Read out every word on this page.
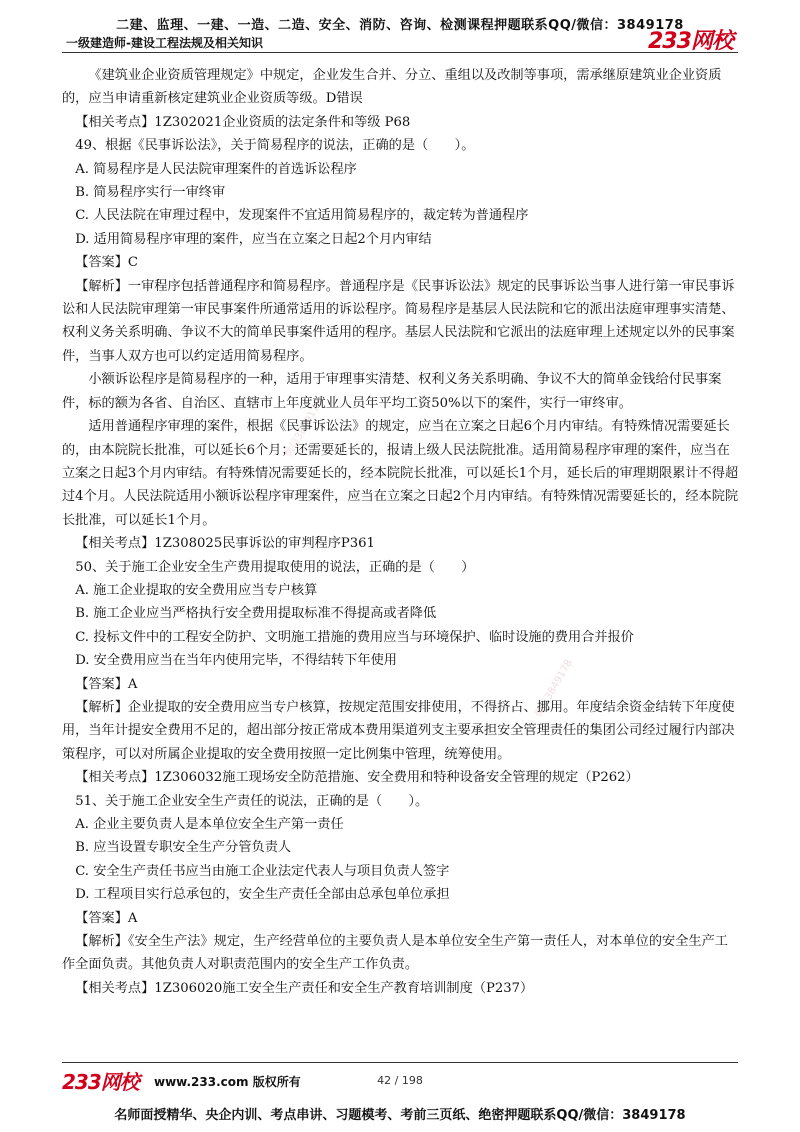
二建、监理、一建、一造、二造、安全、消防、咨询、检测课程押题联系QQ/微信：3849178
一级建造师-建设工程法规及相关知识	233网校
微信3849178
微信3849178

《建筑业企业资质管理规定》中规定，企业发生合并、分立、重组以及改制等事项，需承继原建筑业企业资质的，应当申请重新核定建筑业企业资质等级。D错误

【相关考点】1Z302021企业资质的法定条件和等级 P68

49、根据《民事诉讼法》，关于简易程序的说法，正确的是（　　）。

A. 简易程序是人民法院审理案件的首选诉讼程序

B. 简易程序实行一审终审

C. 人民法院在审理过程中，发现案件不宜适用简易程序的，裁定转为普通程序

D. 适用简易程序审理的案件，应当在立案之日起2个月内审结

【答案】C

【解析】一审程序包括普通程序和简易程序。普通程序是《民事诉讼法》规定的民事诉讼当事人进行第一审民事诉讼和人民法院审理第一审民事案件所通常适用的诉讼程序。简易程序是基层人民法院和它的派出法庭审理事实清楚、权利义务关系明确、争议不大的简单民事案件适用的程序。基层人民法院和它派出的法庭审理上述规定以外的民事案件，当事人双方也可以约定适用简易程序。

小额诉讼程序是简易程序的一种，适用于审理事实清楚、权利义务关系明确、争议不大的简单金钱给付民事案件，标的额为各省、自治区、直辖市上年度就业人员年平均工资50%以下的案件，实行一审终审。

适用普通程序审理的案件，根据《民事诉讼法》的规定，应当在立案之日起6个月内审结。有特殊情况需要延长的，由本院院长批准，可以延长6个月；还需要延长的，报请上级人民法院批准。适用简易程序审理的案件，应当在立案之日起3个月内审结。有特殊情况需要延长的，经本院院长批准，可以延长1个月，延长后的审理期限累计不得超过4个月。人民法院适用小额诉讼程序审理案件，应当在立案之日起2个月内审结。有特殊情况需要延长的，经本院院长批准，可以延长1个月。

【相关考点】1Z308025民事诉讼的审判程序P361

50、关于施工企业安全生产费用提取使用的说法，正确的是（　　）

A. 施工企业提取的安全费用应当专户核算

B. 施工企业应当严格执行安全费用提取标准不得提高或者降低

C. 投标文件中的工程安全防护、文明施工措施的费用应当与环境保护、临时设施的费用合并报价

D. 安全费用应当在当年内使用完毕，不得结转下年使用

【答案】A

【解析】企业提取的安全费用应当专户核算，按规定范围安排使用，不得挤占、挪用。年度结余资金结转下年度使用，当年计提安全费用不足的，超出部分按正常成本费用渠道列支主要承担安全管理责任的集团公司经过履行内部决策程序，可以对所属企业提取的安全费用按照一定比例集中管理，统筹使用。

【相关考点】1Z306032施工现场安全防范措施、安全费用和特种设备安全管理的规定（P262）

51、关于施工企业安全生产责任的说法，正确的是（　　）。

A. 企业主要负责人是本单位安全生产第一责任

B. 应当设置专职安全生产分管负责人

C. 安全生产责任书应当由施工企业法定代表人与项目负责人签字

D. 工程项目实行总承包的，安全生产责任全部由总承包单位承担

【答案】A

【解析】《安全生产法》规定，生产经营单位的主要负责人是本单位安全生产第一责任人，对本单位的安全生产工作全面负责。其他负责人对职责范围内的安全生产工作负责。

【相关考点】1Z306020施工安全生产责任和安全生产教育培训制度（P237）

233网校 www.233.com 版权所有	42 / 198
名师面授精华、央企内训、考点串讲、习题模考、考前三页纸、绝密押题联系QQ/微信：3849178
